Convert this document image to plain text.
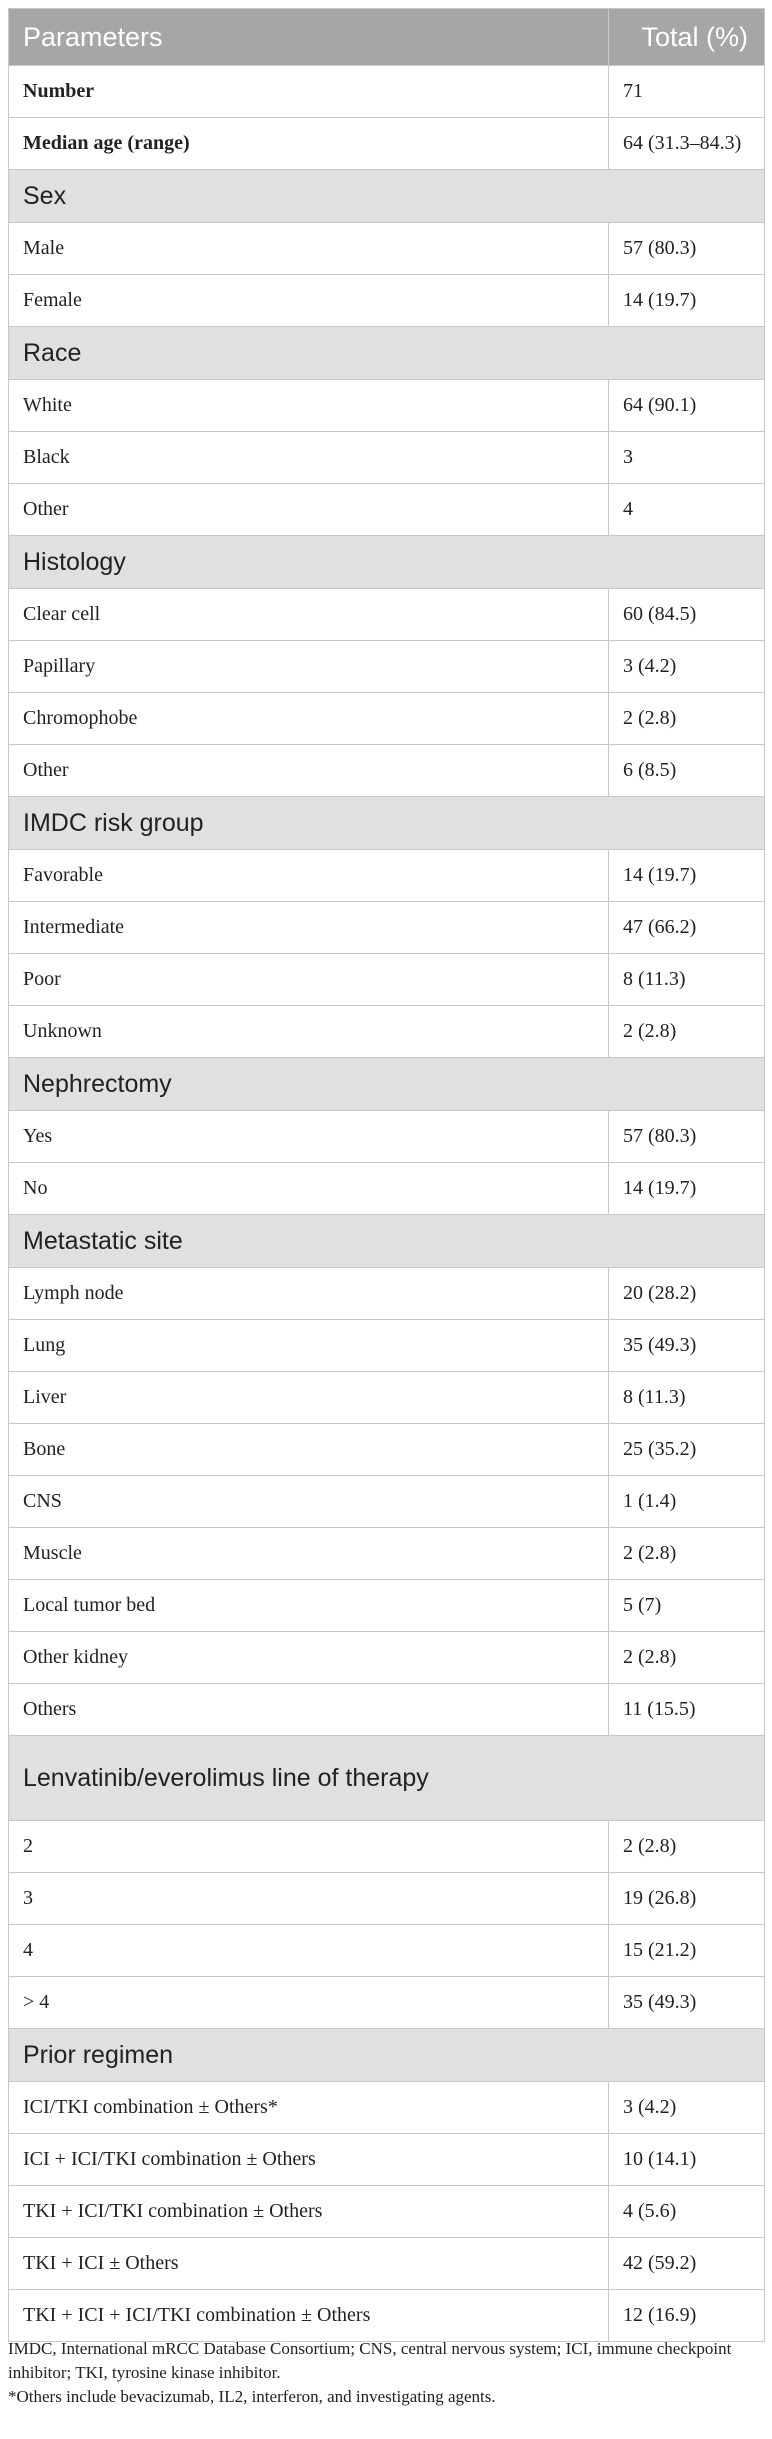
Parameters	Total (%)
Number	71
Median age (range)	64 (31.3–84.3)
Sex	
Male	57 (80.3)
Female	14 (19.7)
Race	
White	64 (90.1)
Black	3
Other	4
Histology	
Clear cell	60 (84.5)
Papillary	3 (4.2)
Chromophobe	2 (2.8)
Other	6 (8.5)
IMDC risk group	
Favorable	14 (19.7)
Intermediate	47 (66.2)
Poor	8 (11.3)
Unknown	2 (2.8)
Nephrectomy	
Yes	57 (80.3)
No	14 (19.7)
Metastatic site	
Lymph node	20 (28.2)
Lung	35 (49.3)
Liver	8 (11.3)
Bone	25 (35.2)
CNS	1 (1.4)
Muscle	2 (2.8)
Local tumor bed	5 (7)
Other kidney	2 (2.8)
Others	11 (15.5)
Lenvatinib/everolimus line of therapy	
2	2 (2.8)
3	19 (26.8)
4	15 (21.2)
> 4	35 (49.3)
Prior regimen	
ICI/TKI combination ± Others*	3 (4.2)
ICI + ICI/TKI combination ± Others	10 (14.1)
TKI + ICI/TKI combination ± Others	4 (5.6)
TKI + ICI ± Others	42 (59.2)
TKI + ICI + ICI/TKI combination ± Others	12 (16.9)

IMDC, International mRCC Database Consortium; CNS, central nervous system; ICI, immune checkpoint inhibitor; TKI, tyrosine kinase inhibitor.

*Others include bevacizumab, IL2, interferon, and investigating agents.
